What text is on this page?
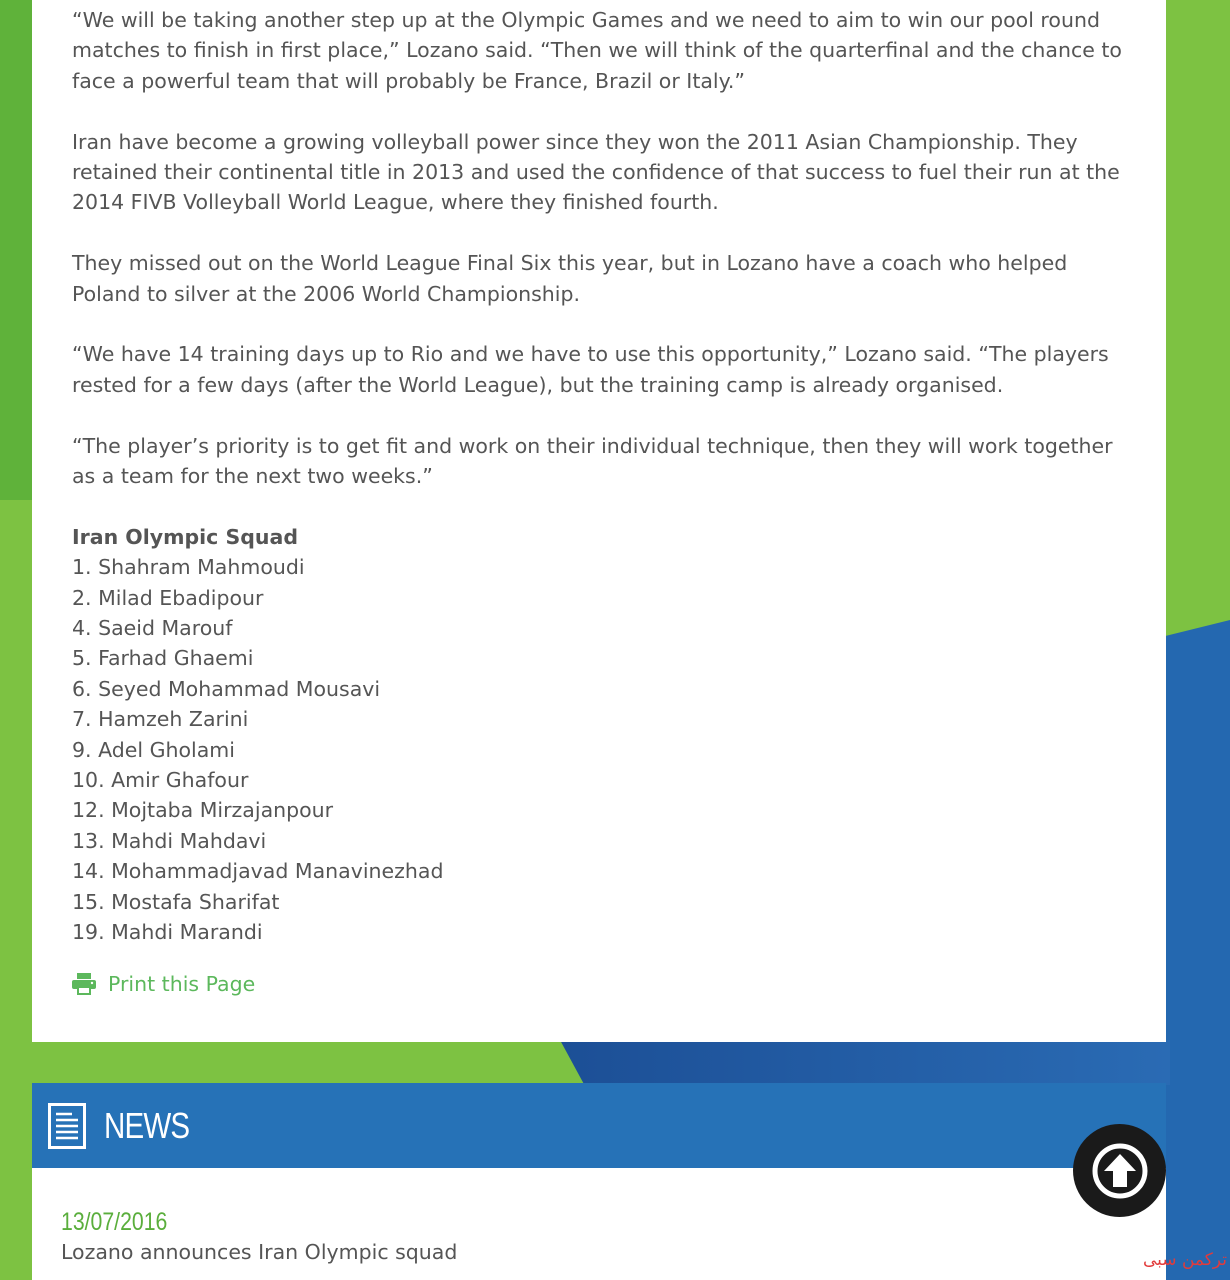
“We will be taking another step up at the Olympic Games and we need to aim to win our pool round matches to finish in first place,” Lozano said. “Then we will think of the quarterfinal and the chance to face a powerful team that will probably be France, Brazil or Italy.”

Iran have become a growing volleyball power since they won the 2011 Asian Championship. They retained their continental title in 2013 and used the confidence of that success to fuel their run at the 2014 FIVB Volleyball World League, where they finished fourth.

They missed out on the World League Final Six this year, but in Lozano have a coach who helped Poland to silver at the 2006 World Championship.

“We have 14 training days up to Rio and we have to use this opportunity,” Lozano said. “The players rested for a few days (after the World League), but the training camp is already organised.

“The player’s priority is to get fit and work on their individual technique, then they will work together as a team for the next two weeks.”

Iran Olympic Squad
1. Shahram Mahmoudi
2. Milad Ebadipour
4. Saeid Marouf
5. Farhad Ghaemi
6. Seyed Mohammad Mousavi
7. Hamzeh Zarini
9. Adel Gholami
10. Amir Ghafour
12. Mojtaba Mirzajanpour
13. Mahdi Mahdavi
14. Mohammadjavad Manavinezhad
15. Mostafa Sharifat
19. Mahdi Marandi
Print this Page
NEWS
13/07/2016
Lozano announces Iran Olympic squad	ترکمن سبی
